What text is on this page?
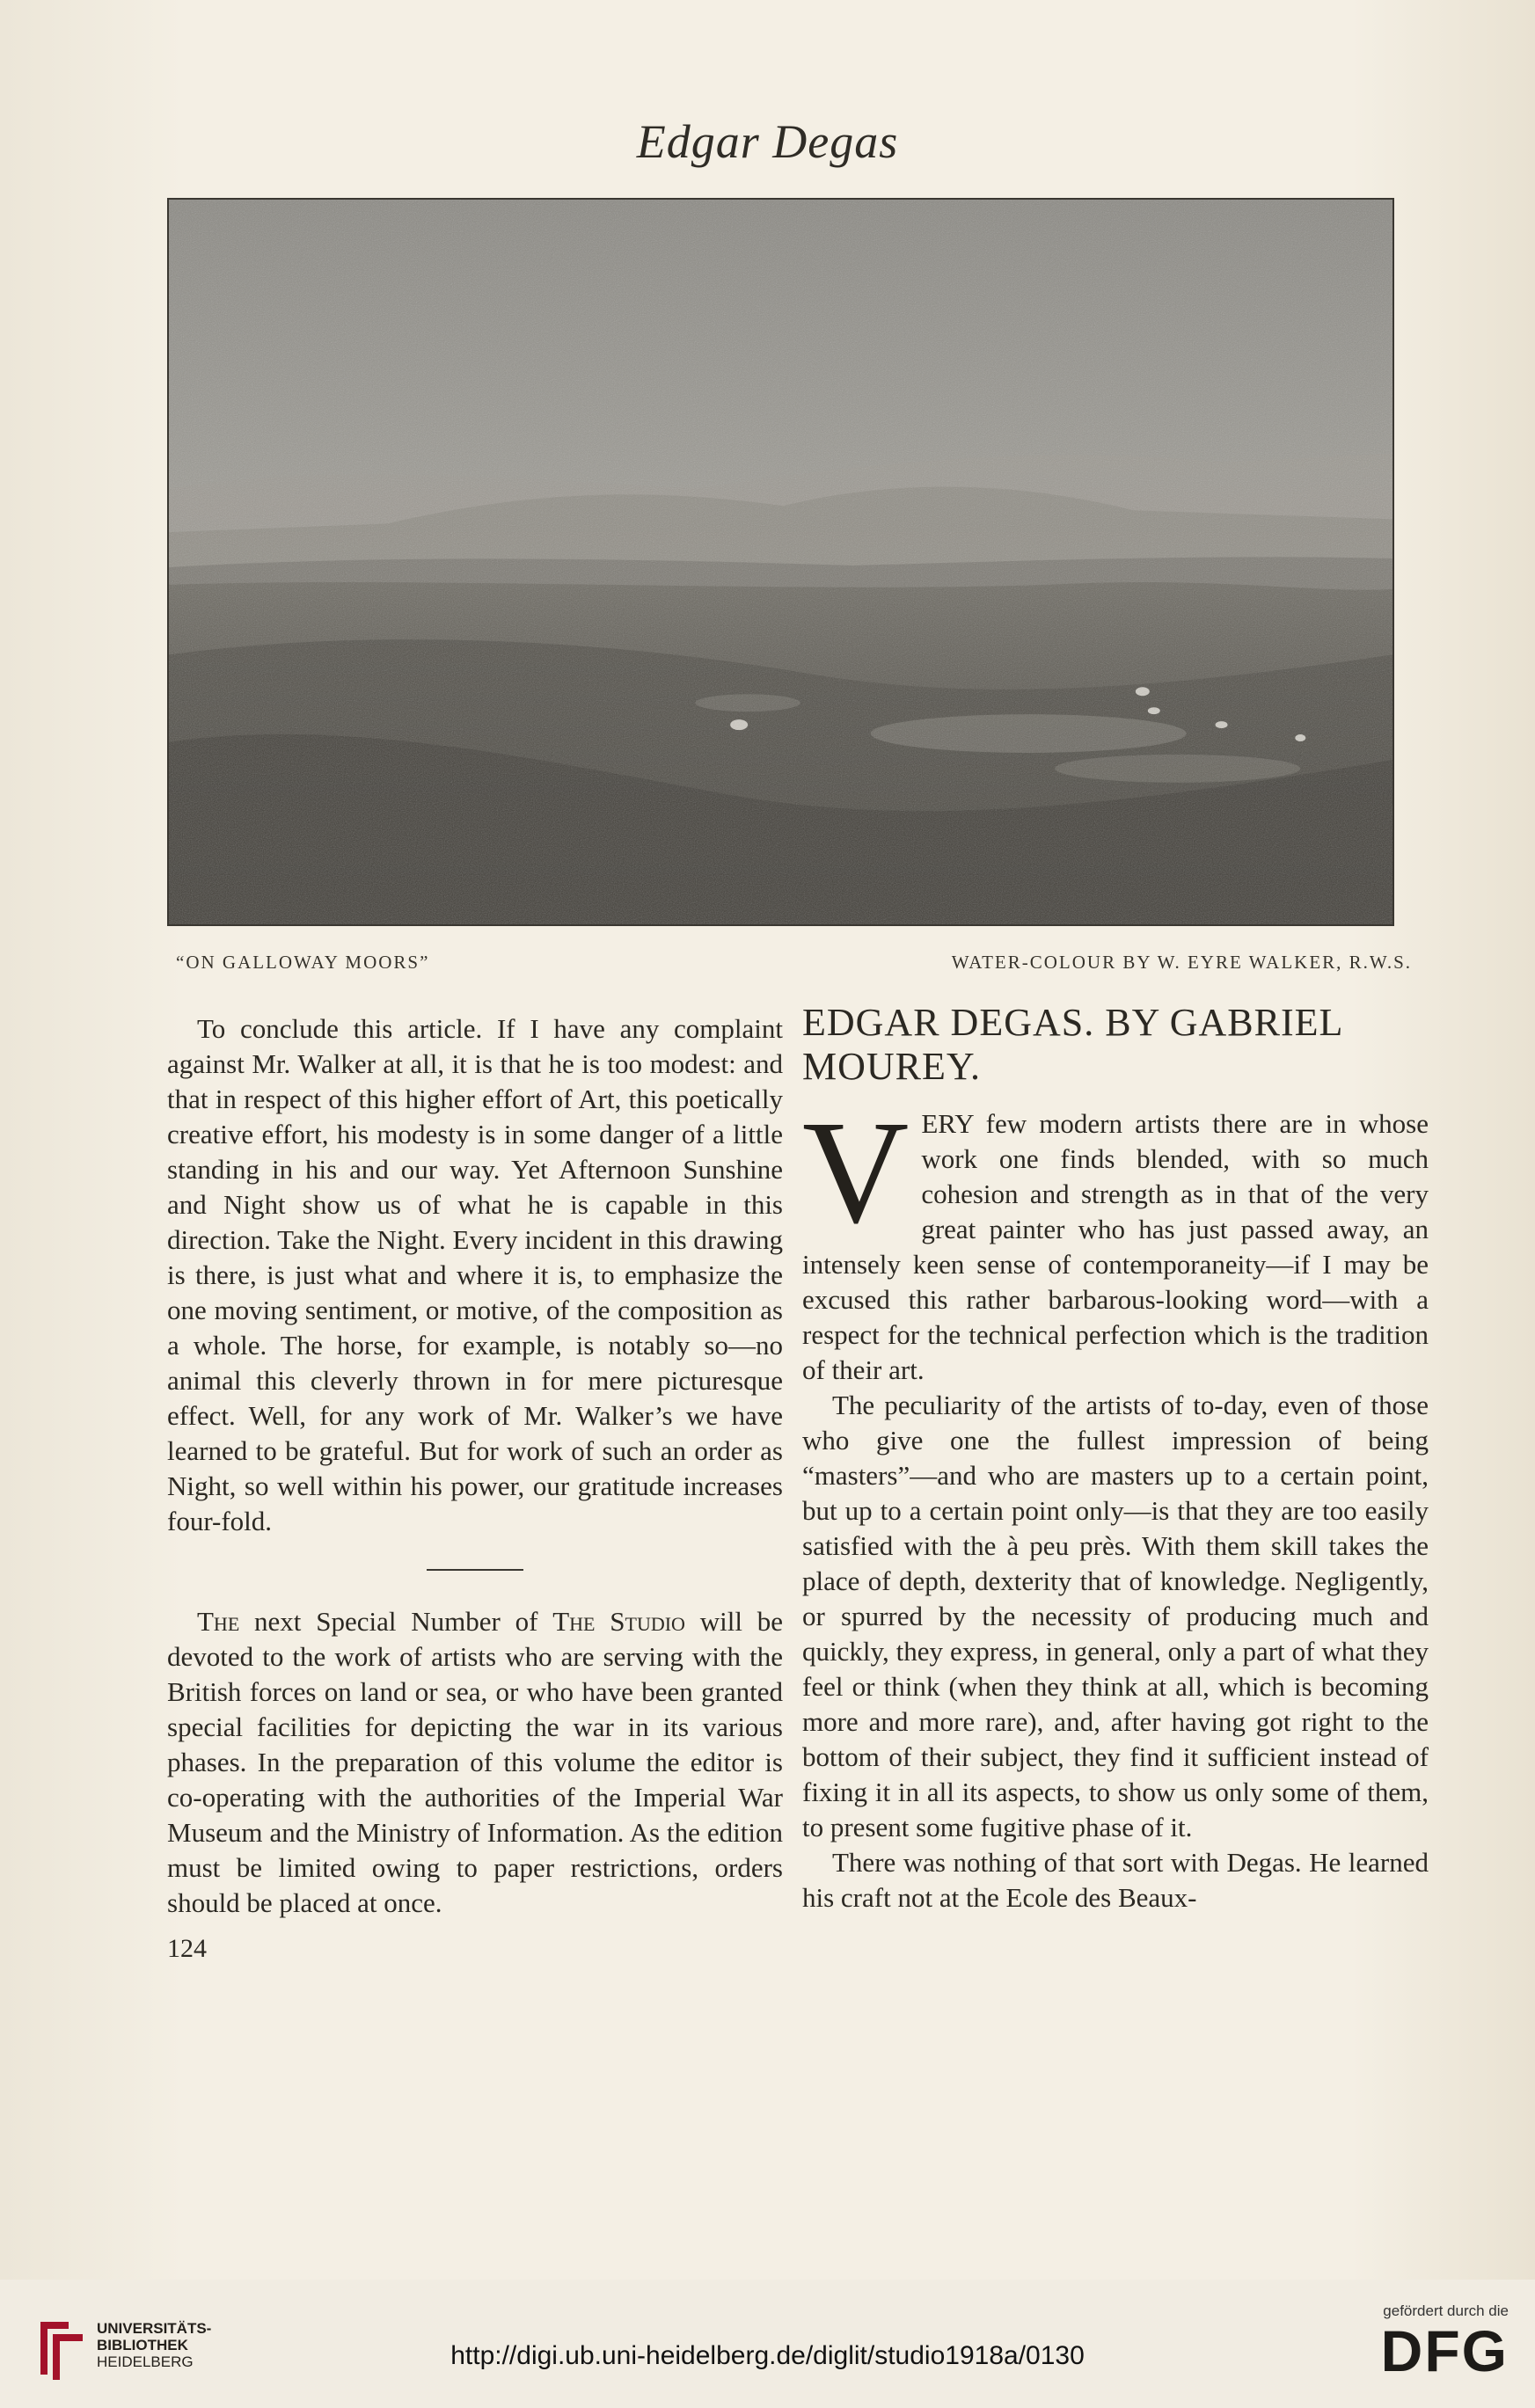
Edgar Degas
“ON GALLOWAY MOORS”	WATER-COLOUR BY W. EYRE WALKER, R.W.S.

To conclude this article. If I have any complaint against Mr. Walker at all, it is that he is too modest: and that in respect of this higher effort of Art, this poetically creative effort, his modesty is in some danger of a little standing in his and our way. Yet Afternoon Sunshine and Night show us of what he is capable in this direction. Take the Night. Every incident in this drawing is there, is just what and where it is, to emphasize the one moving sentiment, or motive, of the composition as a whole. The horse, for example, is notably so—no animal this cleverly thrown in for mere picturesque effect. Well, for any work of Mr. Walker’s we have learned to be grateful. But for work of such an order as Night, so well within his power, our gratitude increases four-fold.

The next Special Number of The Studio will be devoted to the work of artists who are serving with the British forces on land or sea, or who have been granted special facilities for depicting the war in its various phases. In the preparation of this volume the editor is co-operating with the authorities of the Imperial War Museum and the Ministry of Information. As the edition must be limited owing to paper restrictions, orders should be placed at once.

124
EDGAR DEGAS. BY GABRIEL MOUREY.

VERY few modern artists there are in whose work one finds blended, with so much cohesion and strength as in that of the very great painter who has just passed away, an intensely keen sense of contemporaneity—if I may be excused this rather barbarous-looking word—with a respect for the technical perfection which is the tradition of their art.

The peculiarity of the artists of to-day, even of those who give one the fullest impression of being “masters”—and who are masters up to a certain point, but up to a certain point only—is that they are too easily satisfied with the à peu près. With them skill takes the place of depth, dexterity that of knowledge. Negligently, or spurred by the necessity of producing much and quickly, they express, in general, only a part of what they feel or think (when they think at all, which is becoming more and more rare), and, after having got right to the bottom of their subject, they find it sufficient instead of fixing it in all its aspects, to show us only some of them, to present some fugitive phase of it.

There was nothing of that sort with Degas. He learned his craft not at the Ecole des Beaux-

UNIVERSITÄTS-
BIBLIOTHEK
HEIDELBERG	http://digi.ub.uni-heidelberg.de/diglit/studio1918a/0130
gefördert durch die
DFG
